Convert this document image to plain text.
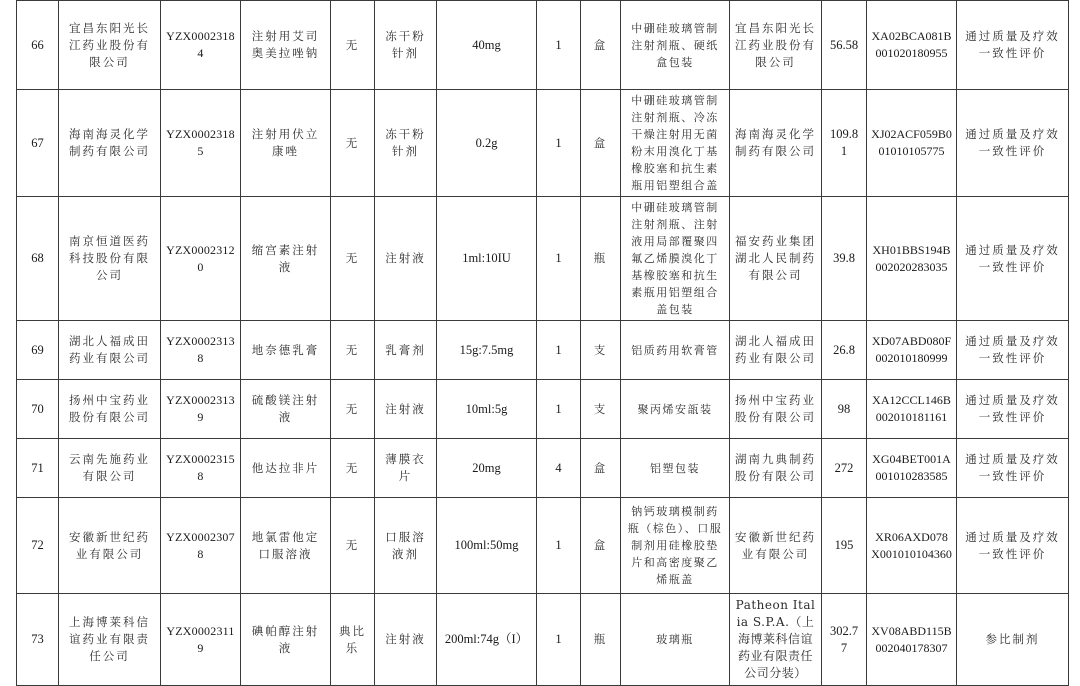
66	宜昌东阳光长江药业股份有限公司	YZX00023184	注射用艾司奥美拉唑钠	无	冻干粉针剂	40mg	1	盒	中硼硅玻璃管制注射剂瓶、硬纸盒包装	宜昌东阳光长江药业股份有限公司	56.58	XA02BCA081B001020180955	通过质量及疗效一致性评价
67	海南海灵化学制药有限公司	YZX00023185	注射用伏立康唑	无	冻干粉针剂	0.2g	1	盒	中硼硅玻璃管制注射剂瓶、冷冻干燥注射用无菌粉末用溴化丁基橡胶塞和抗生素瓶用铝塑组合盖	海南海灵化学制药有限公司	109.81	XJ02ACF059B001010105775	通过质量及疗效一致性评价
68	南京恒道医药科技股份有限公司	YZX00023120	缩宫素注射液	无	注射液	1ml:10IU	1	瓶	中硼硅玻璃管制注射剂瓶、注射液用局部覆聚四氟乙烯膜溴化丁基橡胶塞和抗生素瓶用铝塑组合盖包装	福安药业集团湖北人民制药有限公司	39.8	XH01BBS194B002020283035	通过质量及疗效一致性评价
69	湖北人福成田药业有限公司	YZX00023138	地奈德乳膏	无	乳膏剂	15g:7.5mg	1	支	铝质药用软膏管	湖北人福成田药业有限公司	26.8	XD07ABD080F002010180999	通过质量及疗效一致性评价
70	扬州中宝药业股份有限公司	YZX00023139	硫酸镁注射液	无	注射液	10ml:5g	1	支	聚丙烯安瓿装	扬州中宝药业股份有限公司	98	XA12CCL146B002010181161	通过质量及疗效一致性评价
71	云南先施药业有限公司	YZX00023158	他达拉非片	无	薄膜衣片	20mg	4	盒	铝塑包装	湖南九典制药股份有限公司	272	XG04BET001A001010283585	通过质量及疗效一致性评价
72	安徽新世纪药业有限公司	YZX00023078	地氯雷他定口服溶液	无	口服溶液剂	100ml:50mg	1	盒	钠钙玻璃模制药瓶（棕色）、口服制剂用硅橡胶垫片和高密度聚乙烯瓶盖	安徽新世纪药业有限公司	195	XR06AXD078X001010104360	通过质量及疗效一致性评价
73	上海博莱科信谊药业有限责任公司	YZX00023119	碘帕醇注射液	典比乐	注射液	200ml:74g（I）	1	瓶	玻璃瓶	Patheon Italia S.P.A.（上海博莱科信谊药业有限责任公司分装）	302.77	XV08ABD115B002040178307	参比制剂
